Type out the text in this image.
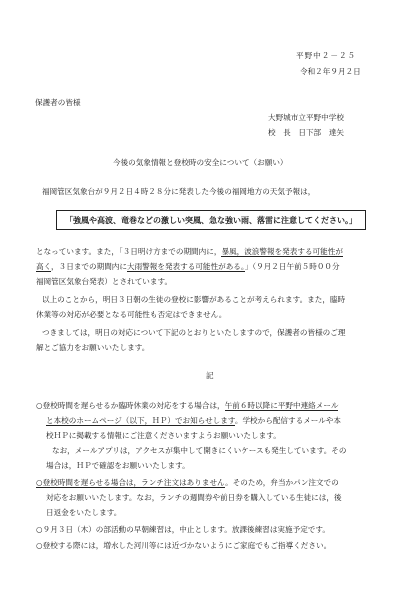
平野中２－２５
令和２年９月２日
保護者の皆様
大野城市立平野中学校
校　長　日下部　達矢
今後の気象情報と登校時の安全について（お願い）
福岡管区気象台が９月２日４時２８分に発表した今後の福岡地方の天気予報は，
「強風や高波、竜巻などの激しい突風、急な強い雨、落雷に注意してください。」
となっています。また，「３日明け方までの期間内に，暴風，波浪警報を発表する可能性が
高く，３日までの期間内に大雨警報を発表する可能性がある。」（９月２日午前５時００分
福岡管区気象台発表）とされています。
以上のことから，明日３日朝の生徒の登校に影響があることが考えられます。また，臨時
休業等の対応が必要となる可能性も否定はできません。
つきましては，明日の対応について下記のとおりといたしますので，保護者の皆様のご理
解とご協力をお願いいたします。
記
○登校時間を遅らせるか臨時休業の対応をする場合は，午前６時以降に平野中連絡メール
と本校のホームページ（以下，ＨＰ）でお知らせします。学校から配信するメールや本
校ＨＰに掲載する情報にご注意くださいますようお願いいたします。
なお，メールアプリは，アクセスが集中して開きにくいケースも発生しています。その
場合は，ＨＰで確認をお願いいたします。
○登校時間を遅らせる場合は，ランチ注文はありません。そのため，弁当かパン注文での
対応をお願いいたします。なお，ランチの週間券や前日券を購入している生徒には，後
日返金をいたします。
○９月３日（木）の部活動の早朝練習は，中止とします。放課後練習は実施予定です。
○登校する際には，増水した河川等には近づかないようにご家庭でもご指導ください。
